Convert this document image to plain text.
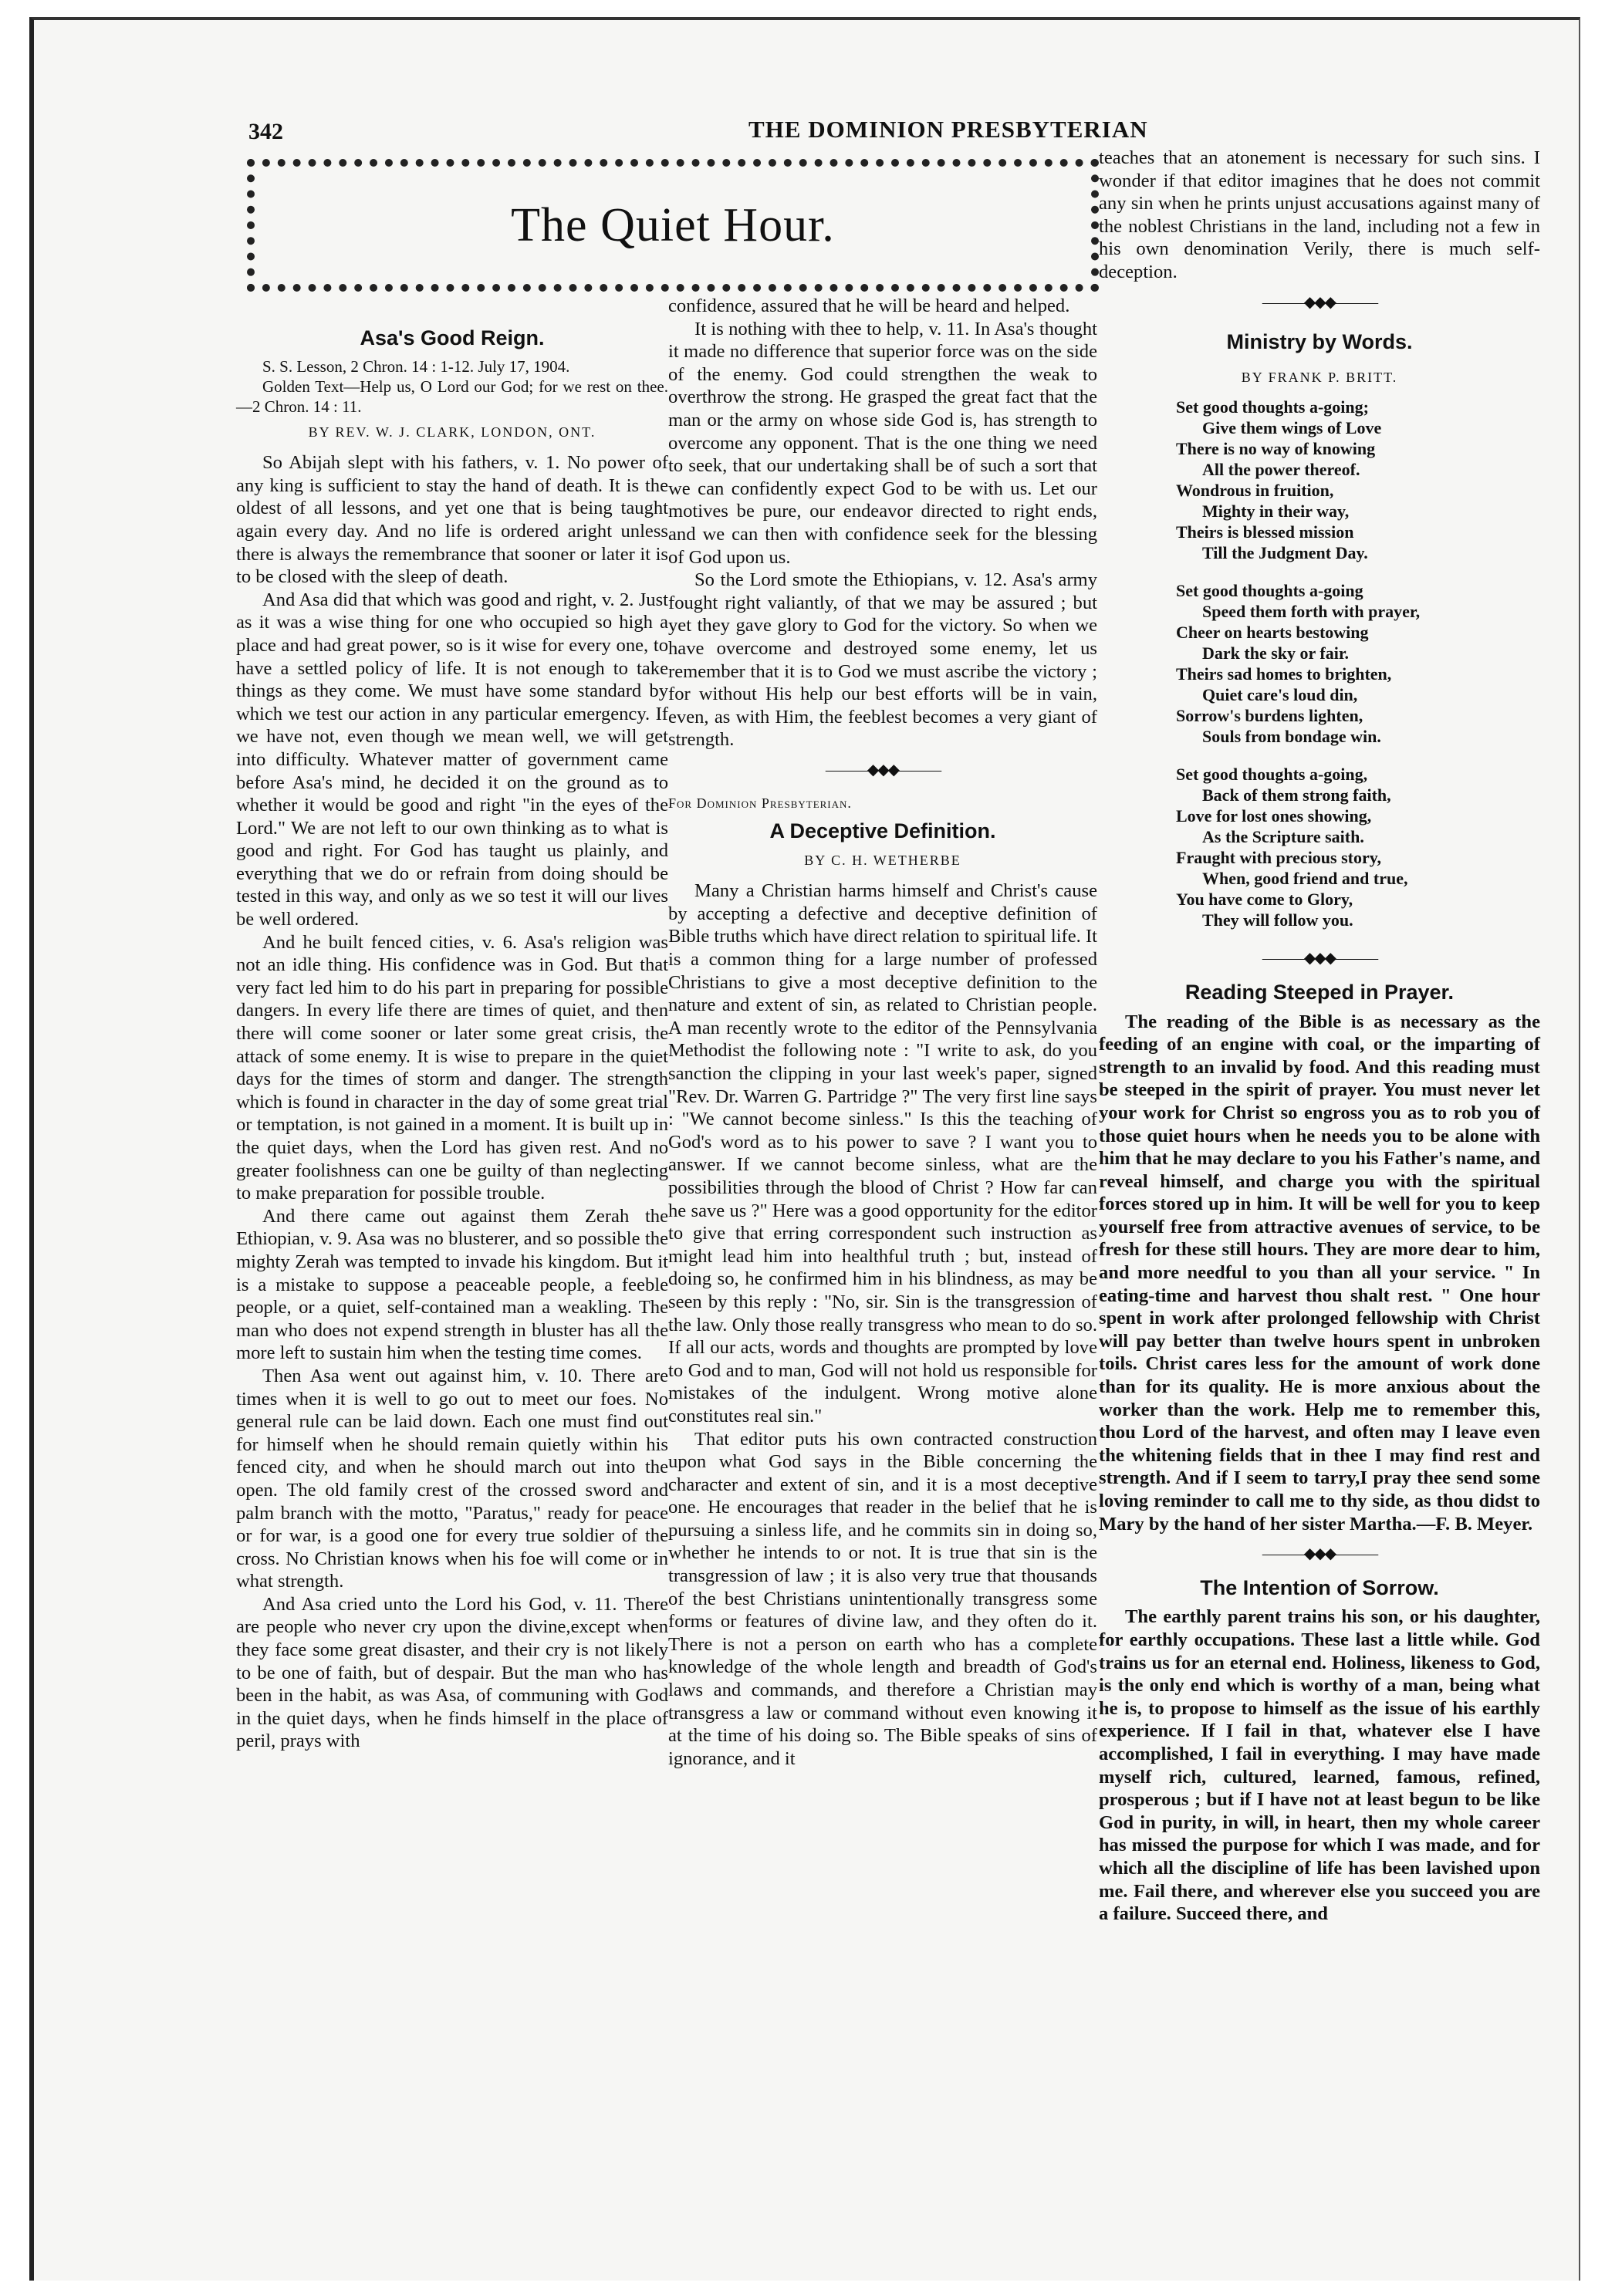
342	THE DOMINION PRESBYTERIAN
The Quiet Hour.
Asa's Good Reign.

S. S. Lesson, 2 Chron. 14 : 1-12. July 17, 1904.

Golden Text—Help us, O Lord our God; for we rest on thee.—2 Chron. 14 : 11.

BY REV. W. J. CLARK, LONDON, ONT.

So Abijah slept with his fathers, v. 1. No power of any king is sufficient to stay the hand of death. It is the oldest of all lessons, and yet one that is being taught again every day. And no life is ordered aright unless there is always the remembrance that sooner or later it is to be closed with the sleep of death.

And Asa did that which was good and right, v. 2. Just as it was a wise thing for one who occupied so high a place and had great power, so is it wise for every one, to have a settled policy of life. It is not enough to take things as they come. We must have some standard by which we test our action in any particular emergency. If we have not, even though we mean well, we will get into difficulty. Whatever matter of government came before Asa's mind, he decided it on the ground as to whether it would be good and right "in the eyes of the Lord." We are not left to our own thinking as to what is good and right. For God has taught us plainly, and everything that we do or refrain from doing should be tested in this way, and only as we so test it will our lives be well ordered.

And he built fenced cities, v. 6. Asa's religion was not an idle thing. His confidence was in God. But that very fact led him to do his part in preparing for possible dangers. In every life there are times of quiet, and then there will come sooner or later some great crisis, the attack of some enemy. It is wise to prepare in the quiet days for the times of storm and danger. The strength which is found in character in the day of some great trial or temptation, is not gained in a moment. It is built up in the quiet days, when the Lord has given rest. And no greater foolishness can one be guilty of than neglecting to make preparation for possible trouble.

And there came out against them Zerah the Ethiopian, v. 9. Asa was no blusterer, and so possible the mighty Zerah was tempted to invade his kingdom. But it is a mistake to suppose a peaceable people, a feeble people, or a quiet, self-contained man a weakling. The man who does not expend strength in bluster has all the more left to sustain him when the testing time comes.

Then Asa went out against him, v. 10. There are times when it is well to go out to meet our foes. No general rule can be laid down. Each one must find out for himself when he should remain quietly within his fenced city, and when he should march out into the open. The old family crest of the crossed sword and palm branch with the motto, "Paratus," ready for peace or for war, is a good one for every true soldier of the cross. No Christian knows when his foe will come or in what strength.

And Asa cried unto the Lord his God, v. 11. There are people who never cry upon the divine,except when they face some great disaster, and their cry is not likely to be one of faith, but of despair. But the man who has been in the habit, as was Asa, of communing with God in the quiet days, when he finds himself in the place of peril, prays with

confidence, assured that he will be heard and helped.

It is nothing with thee to help, v. 11. In Asa's thought it made no difference that superior force was on the side of the enemy. God could strengthen the weak to overthrow the strong. He grasped the great fact that the man or the army on whose side God is, has strength to overcome any opponent. That is the one thing we need to seek, that our undertaking shall be of such a sort that we can confidently expect God to be with us. Let our motives be pure, our endeavor directed to right ends, and we can then with confidence seek for the blessing of God upon us.

So the Lord smote the Ethiopians, v. 12. Asa's army fought right valiantly, of that we may be assured ; but yet they gave glory to God for the victory. So when we have overcome and destroyed some enemy, let us remember that it is to God we must ascribe the victory ; for without His help our best efforts will be in vain, even, as with Him, the feeblest becomes a very giant of strength.

———◆◆◆———
For Dominion Presbyterian.
A Deceptive Definition.
BY C. H. WETHERBE

Many a Christian harms himself and Christ's cause by accepting a defective and deceptive definition of Bible truths which have direct relation to spiritual life. It is a common thing for a large number of professed Christians to give a most deceptive definition to the nature and extent of sin, as related to Christian people. A man recently wrote to the editor of the Pennsylvania Methodist the following note : "I write to ask, do you sanction the clipping in your last week's paper, signed "Rev. Dr. Warren G. Partridge ?" The very first line says : "We cannot become sinless." Is this the teaching of God's word as to his power to save ? I want you to answer. If we cannot become sinless, what are the possibilities through the blood of Christ ? How far can he save us ?" Here was a good opportunity for the editor to give that erring correspondent such instruction as might lead him into healthful truth ; but, instead of doing so, he confirmed him in his blindness, as may be seen by this reply : "No, sir. Sin is the transgression of the law. Only those really transgress who mean to do so. If all our acts, words and thoughts are prompted by love to God and to man, God will not hold us responsible for mistakes of the indulgent. Wrong motive alone constitutes real sin."

That editor puts his own contracted construction upon what God says in the Bible concerning the character and extent of sin, and it is a most deceptive one. He encourages that reader in the belief that he is pursuing a sinless life, and he commits sin in doing so, whether he intends to or not. It is true that sin is the transgression of law ; it is also very true that thousands of the best Christians unintentionally transgress some forms or features of divine law, and they often do it. There is not a person on earth who has a complete knowledge of the whole length and breadth of God's laws and commands, and therefore a Christian may transgress a law or command without even knowing it at the time of his doing so. The Bible speaks of sins of ignorance, and it

teaches that an atonement is necessary for such sins. I wonder if that editor imagines that he does not commit any sin when he prints unjust accusations against many of the noblest Christians in the land, including not a few in his own denomination Verily, there is much self-deception.

———◆◆◆———
Ministry by Words.
BY FRANK P. BRITT.
Set good thoughts a-going;
Give them wings of Love
There is no way of knowing
All the power thereof.
Wondrous in fruition,
Mighty in their way,
Theirs is blessed mission
Till the Judgment Day.
Set good thoughts a-going
Speed them forth with prayer,
Cheer on hearts bestowing
Dark the sky or fair.
Theirs sad homes to brighten,
Quiet care's loud din,
Sorrow's burdens lighten,
Souls from bondage win.
Set good thoughts a-going,
Back of them strong faith,
Love for lost ones showing,
As the Scripture saith.
Fraught with precious story,
When, good friend and true,
You have come to Glory,
They will follow you.
———◆◆◆———
Reading Steeped in Prayer.

The reading of the Bible is as necessary as the feeding of an engine with coal, or the imparting of strength to an invalid by food. And this reading must be steeped in the spirit of prayer. You must never let your work for Christ so engross you as to rob you of those quiet hours when he needs you to be alone with him that he may declare to you his Father's name, and reveal himself, and charge you with the spiritual forces stored up in him. It will be well for you to keep yourself free from attractive avenues of service, to be fresh for these still hours. They are more dear to him, and more needful to you than all your service. " In eating-time and harvest thou shalt rest. " One hour spent in work after prolonged fellowship with Christ will pay better than twelve hours spent in unbroken toils. Christ cares less for the amount of work done than for its quality. He is more anxious about the worker than the work. Help me to remember this, thou Lord of the harvest, and often may I leave even the whitening fields that in thee I may find rest and strength. And if I seem to tarry,I pray thee send some loving reminder to call me to thy side, as thou didst to Mary by the hand of her sister Martha.—F. B. Meyer.

———◆◆◆———
The Intention of Sorrow.

The earthly parent trains his son, or his daughter, for earthly occupations. These last a little while. God trains us for an eternal end. Holiness, likeness to God, is the only end which is worthy of a man, being what he is, to propose to himself as the issue of his earthly experience. If I fail in that, whatever else I have accomplished, I fail in everything. I may have made myself rich, cultured, learned, famous, refined, prosperous ; but if I have not at least begun to be like God in purity, in will, in heart, then my whole career has missed the purpose for which I was made, and for which all the discipline of life has been lavished upon me. Fail there, and wherever else you succeed you are a failure. Succeed there, and
